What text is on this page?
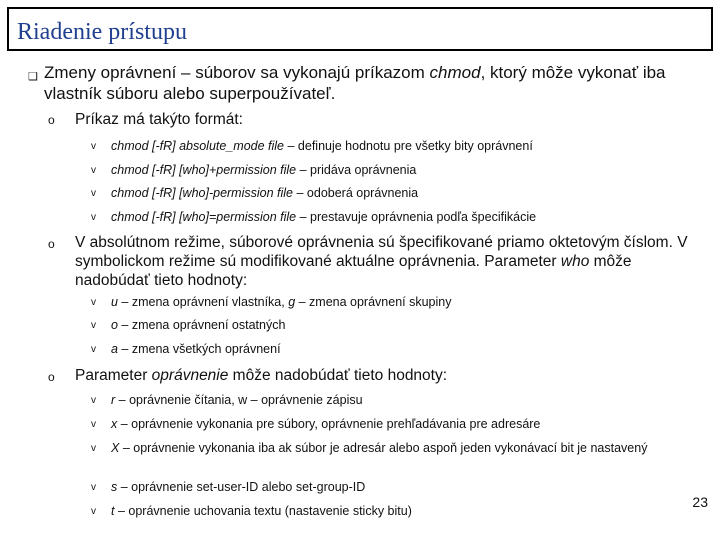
Riadenie prístupu
❑ Zmeny oprávnení – súborov sa vykonajú príkazom chmod, ktorý môže vykonať iba vlastník súboru alebo superpoužívateľ.
o Príkaz má takýto formát:
v chmod [-fR] absolute_mode file – definuje hodnotu pre všetky bity oprávnení
v chmod [-fR] [who]+permission file – pridáva oprávnenia
v chmod [-fR] [who]-permission file – odoberá oprávnenia
v chmod [-fR] [who]=permission file – prestavuje oprávnenia podľa špecifikácie
o V absolútnom režime, súborové oprávnenia sú špecifikované priamo oktetovým číslom. V symbolickom režime sú modifikované aktuálne oprávnenia. Parameter who môže nadobúdať tieto hodnoty:
v u – zmena oprávnení vlastníka, g – zmena oprávnení skupiny
v o – zmena oprávnení ostatných
v a – zmena všetkých oprávnení
o Parameter oprávnenie môže nadobúdať tieto hodnoty:
v r – oprávnenie čítania, w – oprávnenie zápisu
v x – oprávnenie vykonania pre súbory, oprávnenie prehľadávania pre adresáre
v X – oprávnenie vykonania iba ak súbor je adresár alebo aspoň jeden vykonávací bit je nastavený
v s – oprávnenie set-user-ID alebo set-group-ID
v t – oprávnenie uchovania textu (nastavenie sticky bitu)
23
